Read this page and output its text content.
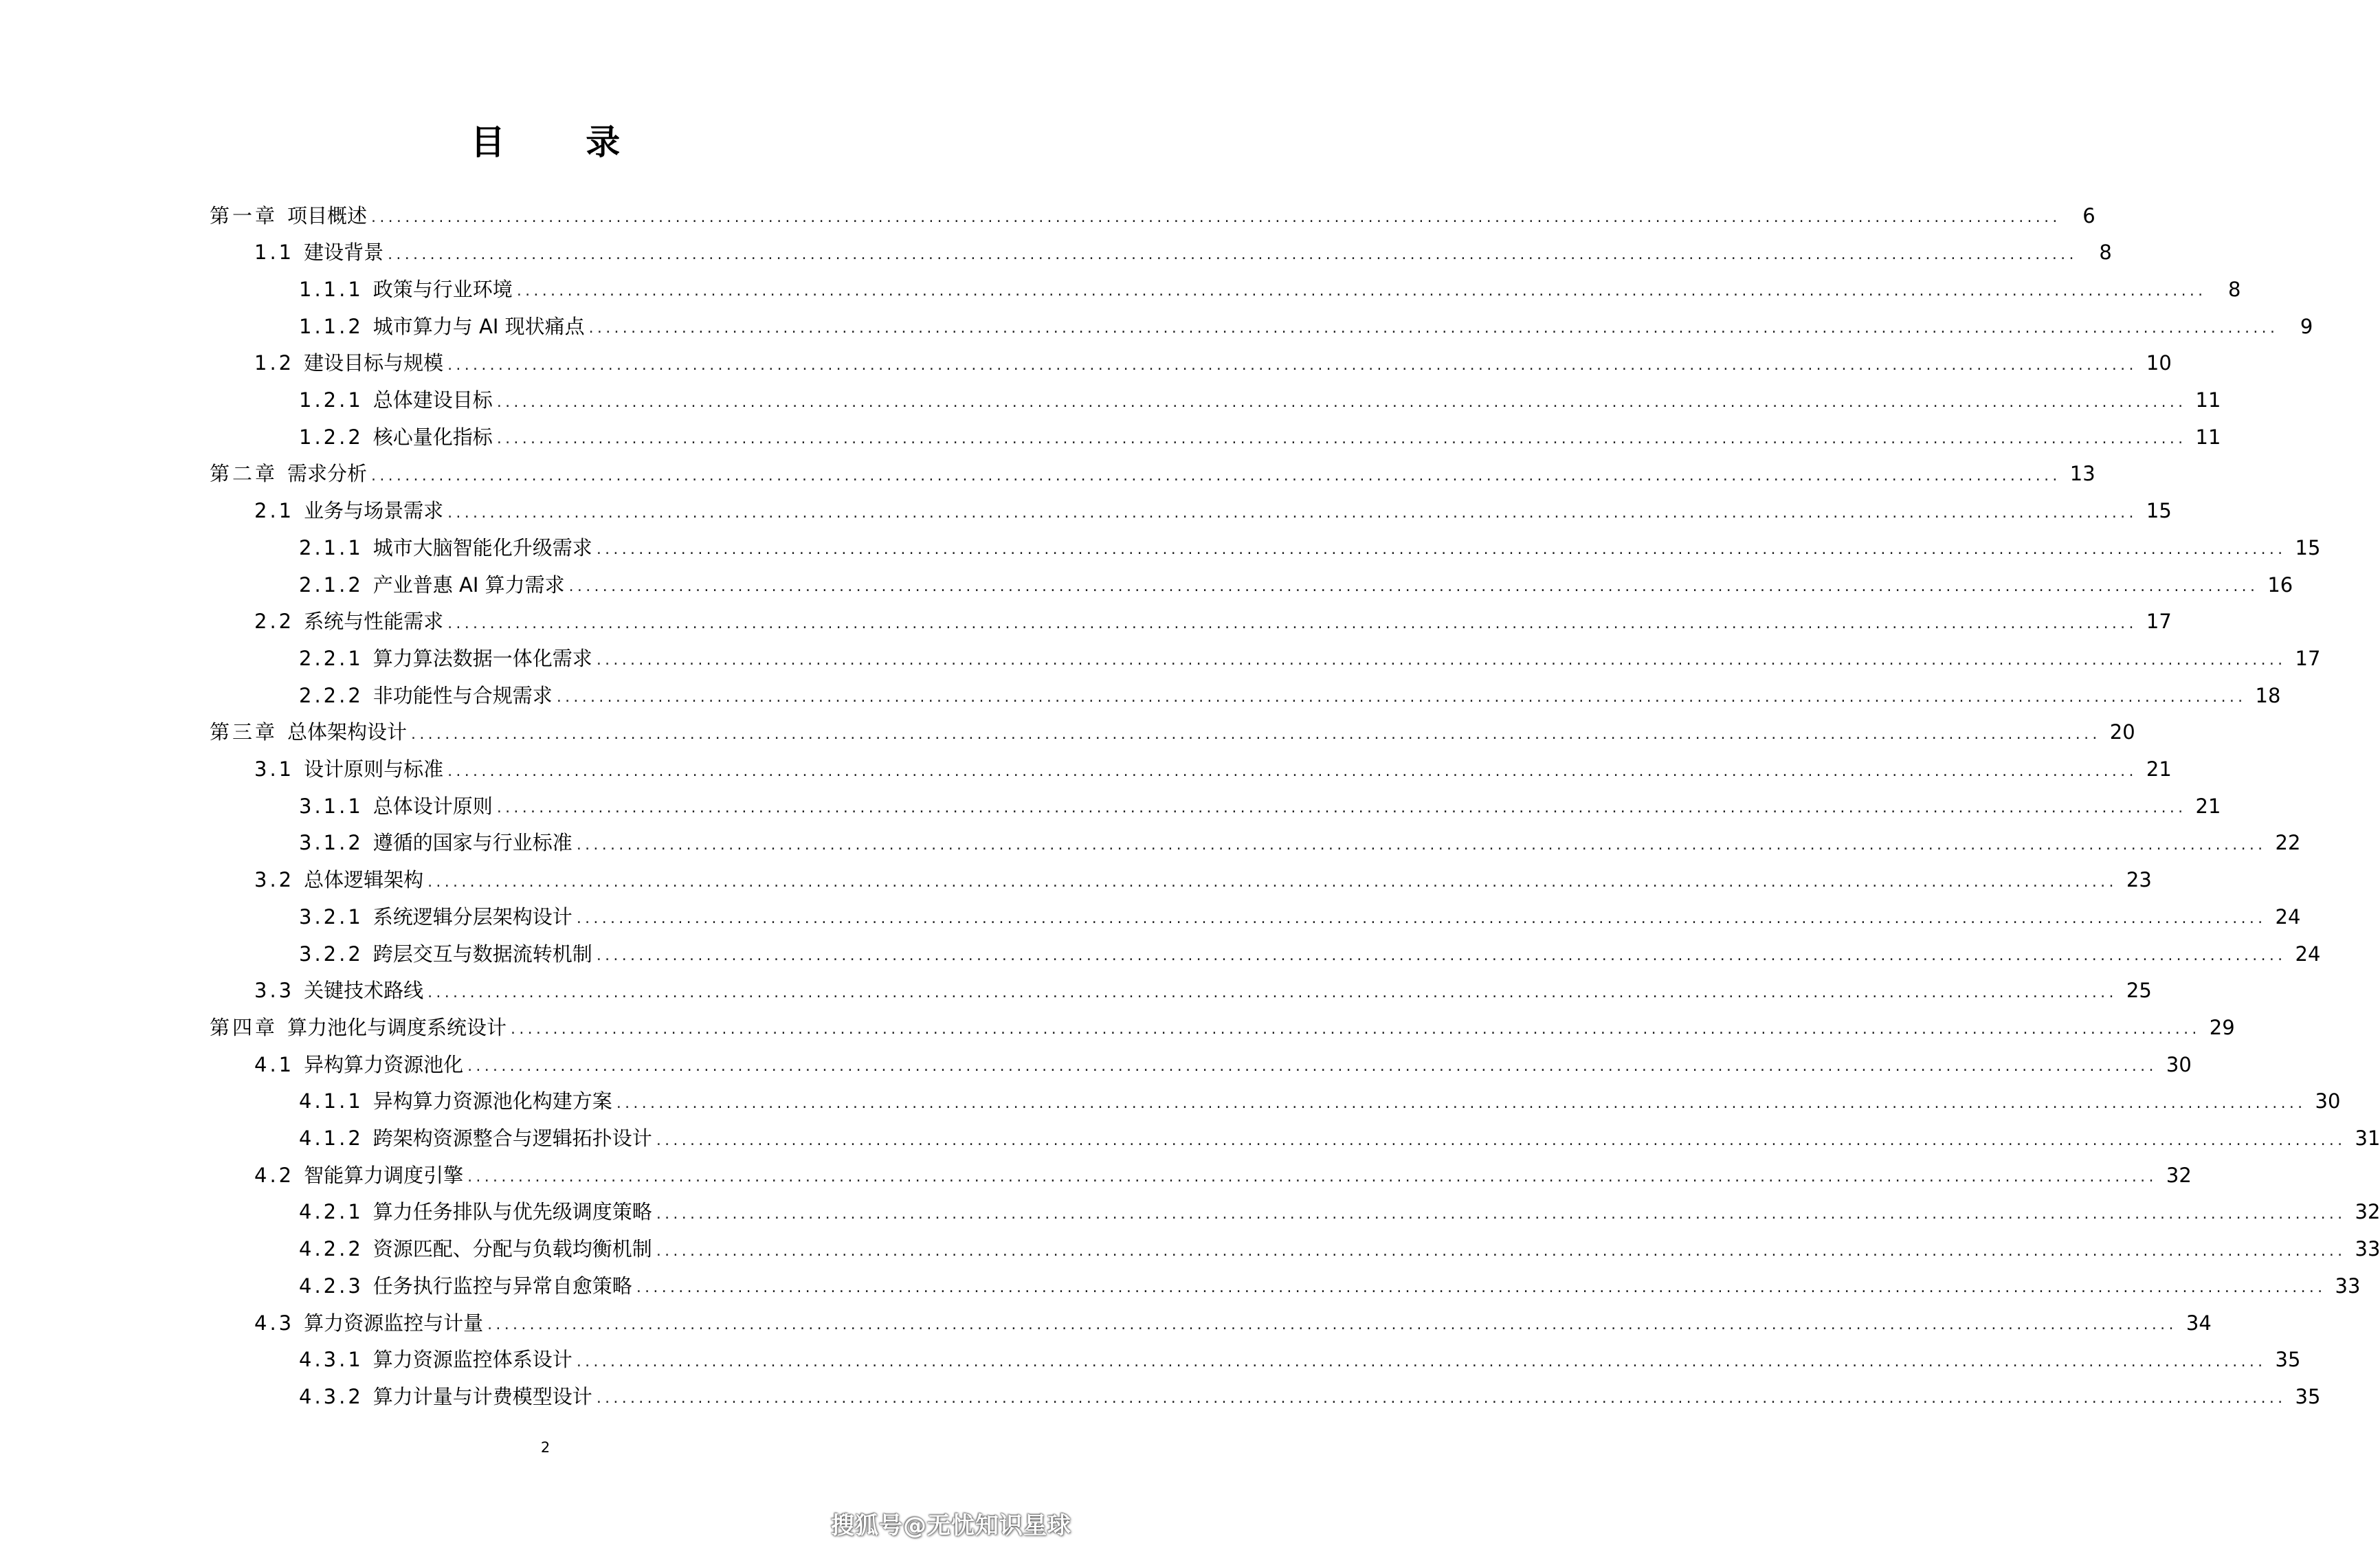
目 录
第一章 项目概述 ........................................................................................................................................................................................................	6
1.1 建设背景 ........................................................................................................................................................................................................	8
1.1.1 政策与行业环境 ........................................................................................................................................................................................................	8
1.1.2 城市算力与 AI 现状痛点 ........................................................................................................................................................................................................	9
1.2 建设目标与规模 ........................................................................................................................................................................................................ 10
1.2.1 总体建设目标 ........................................................................................................................................................................................................ 11
1.2.2 核心量化指标 ........................................................................................................................................................................................................ 11
第二章 需求分析 ........................................................................................................................................................................................................ 13
2.1 业务与场景需求 ........................................................................................................................................................................................................ 15
2.1.1 城市大脑智能化升级需求 ........................................................................................................................................................................................................ 15
2.1.2 产业普惠 AI 算力需求 ........................................................................................................................................................................................................ 16
2.2 系统与性能需求 ........................................................................................................................................................................................................ 17
2.2.1 算力算法数据一体化需求 ........................................................................................................................................................................................................ 17
2.2.2 非功能性与合规需求 ........................................................................................................................................................................................................ 18
第三章 总体架构设计 ........................................................................................................................................................................................................ 20
3.1 设计原则与标准 ........................................................................................................................................................................................................ 21
3.1.1 总体设计原则 ........................................................................................................................................................................................................ 21
3.1.2 遵循的国家与行业标准 ........................................................................................................................................................................................................ 22
3.2 总体逻辑架构 ........................................................................................................................................................................................................ 23
3.2.1 系统逻辑分层架构设计 ........................................................................................................................................................................................................ 24
3.2.2 跨层交互与数据流转机制 ........................................................................................................................................................................................................ 24
3.3 关键技术路线 ........................................................................................................................................................................................................ 25
第四章 算力池化与调度系统设计 ........................................................................................................................................................................................................ 29
4.1 异构算力资源池化 ........................................................................................................................................................................................................ 30
4.1.1 异构算力资源池化构建方案 ........................................................................................................................................................................................................ 30
4.1.2 跨架构资源整合与逻辑拓扑设计 ........................................................................................................................................................................................................ 31
4.2 智能算力调度引擎 ........................................................................................................................................................................................................ 32
4.2.1 算力任务排队与优先级调度策略 ........................................................................................................................................................................................................ 32
4.2.2 资源匹配、分配与负载均衡机制 ........................................................................................................................................................................................................ 33
4.2.3 任务执行监控与异常自愈策略 ........................................................................................................................................................................................................ 33
4.3 算力资源监控与计量 ........................................................................................................................................................................................................ 34
4.3.1 算力资源监控体系设计 ........................................................................................................................................................................................................ 35
4.3.2 算力计量与计费模型设计 ........................................................................................................................................................................................................ 35
2
搜狐号@无忧知识星球
